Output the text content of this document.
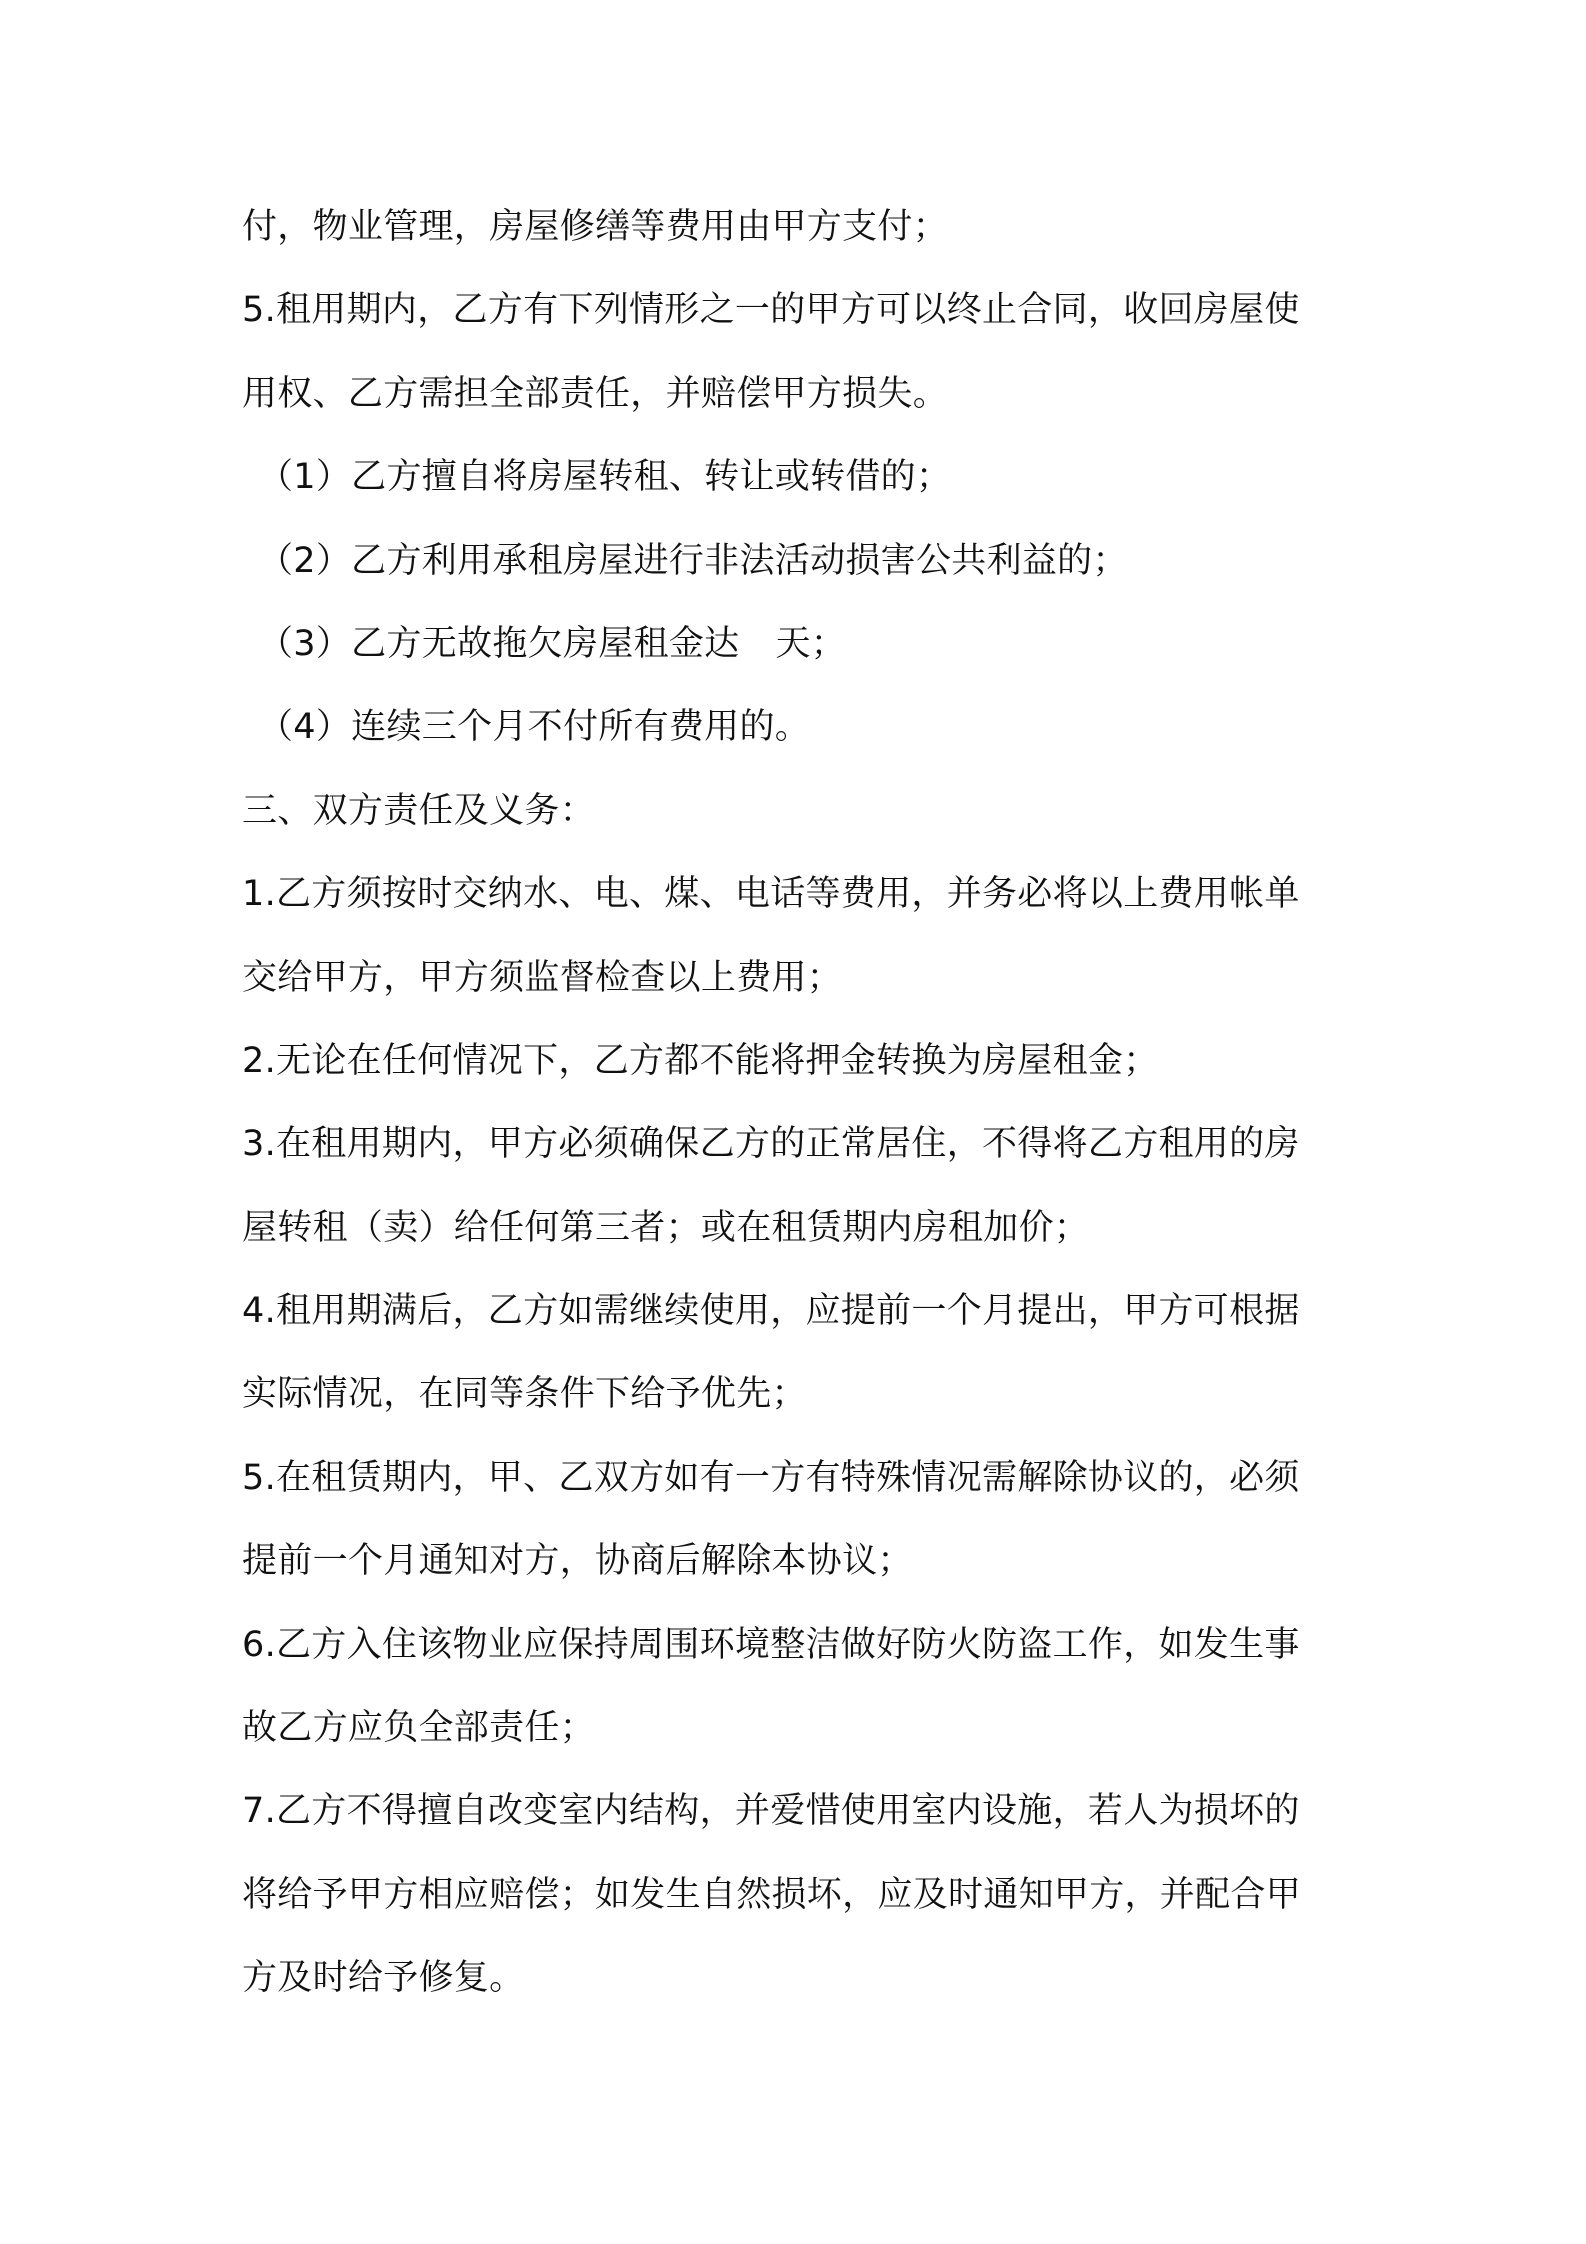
付，物业管理，房屋修缮等费用由甲方支付；
5.租用期内，乙方有下列情形之一的甲方可以终止合同，收回房屋使
用权、乙方需担全部责任，并赔偿甲方损失。
（1）乙方擅自将房屋转租、转让或转借的；
（2）乙方利用承租房屋进行非法活动损害公共利益的；
（3）乙方无故拖欠房屋租金达 天；
（4）连续三个月不付所有费用的。
三、双方责任及义务：
1.乙方须按时交纳水、电、煤、电话等费用，并务必将以上费用帐单
交给甲方，甲方须监督检查以上费用；
2.无论在任何情况下，乙方都不能将押金转换为房屋租金；
3.在租用期内，甲方必须确保乙方的正常居住，不得将乙方租用的房
屋转租（卖）给任何第三者；或在租赁期内房租加价；
4.租用期满后，乙方如需继续使用，应提前一个月提出，甲方可根据
实际情况，在同等条件下给予优先；
5.在租赁期内，甲、乙双方如有一方有特殊情况需解除协议的，必须
提前一个月通知对方，协商后解除本协议；
6.乙方入住该物业应保持周围环境整洁做好防火防盗工作，如发生事
故乙方应负全部责任；
7.乙方不得擅自改变室内结构，并爱惜使用室内设施，若人为损坏的
将给予甲方相应赔偿；如发生自然损坏，应及时通知甲方，并配合甲
方及时给予修复。
